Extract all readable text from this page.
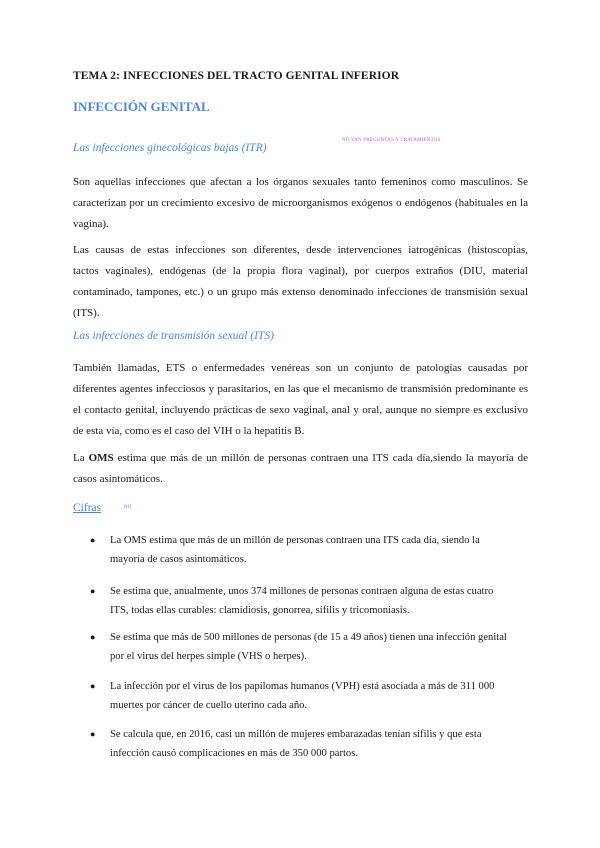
TEMA 2: INFECCIONES DEL TRACTO GENITAL INFERIOR
INFECCIÓN GENITAL
Las infecciones ginecológicas bajas (ITR)
NO VAN PREGUNTAS Y TRATAMIENTOS
Son aquellas infecciones que afectan a los órganos sexuales tanto femeninos como masculinos. Se
caracterizan por un crecimiento excesivo de microorganismos exógenos o endógenos (habituales en la
vagina).
Las causas de estas infecciones son diferentes, desde intervenciones iatrogénicas (histoscopias,
tactos vaginales), endógenas (de la propia flora vaginal), por cuerpos extraños (DIU, material
contaminado, tampones, etc.) o un grupo más extenso denominado infecciones de transmisión sexual
(ITS).
Las infecciones de transmisión sexual (ITS)
También llamadas, ETS o enfermedades venéreas son un conjunto de patologías causadas por
diferentes agentes infecciosos y parasitarios, en las que el mecanismo de transmisión predominante es
el contacto genital, incluyendo prácticas de sexo vaginal, anal y oral, aunque no siempre es exclusivo
de esta vía, como es el caso del VIH o la hepatitis B.
La OMS estima que más de un millón de personas contraen una ITS cada día,siendo la mayoría de
casos asintomáticos.
Cifras	NO
● La OMS estima que más de un millón de personas contraen una ITS cada día, siendo la
mayoría de casos asintomáticos.
● Se estima que, anualmente, unos 374 millones de personas contraen alguna de estas cuatro
ITS, todas ellas curables: clamidiosis, gonorrea, sífilis y tricomoniasis.
● Se estima que más de 500 millones de personas (de 15 a 49 años) tienen una infección genital
por el virus del herpes simple (VHS o herpes).
● La infección por el virus de los papilomas humanos (VPH) está asociada a más de 311 000
muertes por cáncer de cuello uterino cada año.
● Se calcula que, en 2016, casi un millón de mujeres embarazadas tenían sífilis y que esta
infección causó complicaciones en más de 350 000 partos.
